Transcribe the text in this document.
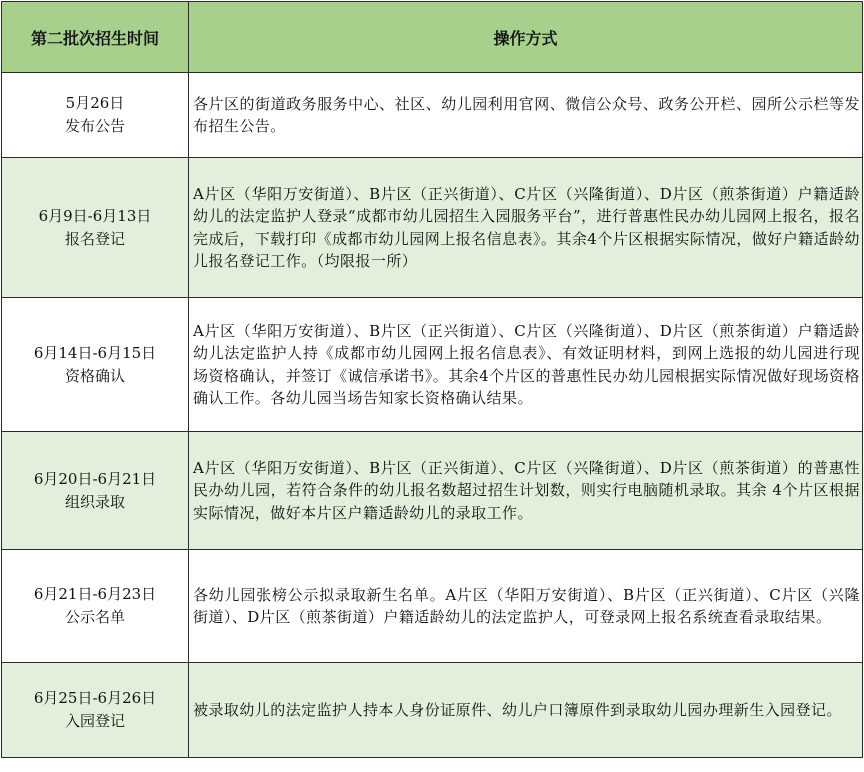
第二批次招生时间	操作方式

5月26日
发布公告	各片区的街道政务服务中心、社区、幼儿园利用官网、微信公众号、政务公开栏、园所公示栏等发布招生公告。

6月9日-6月13日
报名登记	A片区（华阳万安街道）、B片区（正兴街道）、C片区（兴隆街道）、D片区（煎茶街道）户籍适龄幼儿的法定监护人登录“成都市幼儿园招生入园服务平台”，进行普惠性民办幼儿园网上报名，报名完成后，下载打印《成都市幼儿园网上报名信息表》。其余4个片区根据实际情况，做好户籍适龄幼儿报名登记工作。（均限报一所）

6月14日-6月15日
资格确认	A片区（华阳万安街道）、B片区（正兴街道）、C片区（兴隆街道）、D片区（煎茶街道）户籍适龄幼儿法定监护人持《成都市幼儿园网上报名信息表》、有效证明材料，到网上选报的幼儿园进行现场资格确认，并签订《诚信承诺书》。其余4个片区的普惠性民办幼儿园根据实际情况做好现场资格确认工作。各幼儿园当场告知家长资格确认结果。

6月20日-6月21日
组织录取	A片区（华阳万安街道）、B片区（正兴街道）、C片区（兴隆街道）、D片区（煎茶街道）的普惠性民办幼儿园，若符合条件的幼儿报名数超过招生计划数，则实行电脑随机录取。其余 4个片区根据实际情况，做好本片区户籍适龄幼儿的录取工作。

6月21日-6月23日
公示名单	各幼儿园张榜公示拟录取新生名单。A片区（华阳万安街道）、B片区（正兴街道）、C片区（兴隆街道）、D片区（煎茶街道）户籍适龄幼儿的法定监护人，可登录网上报名系统查看录取结果。

6月25日-6月26日
入园登记	被录取幼儿的法定监护人持本人身份证原件、幼儿户口簿原件到录取幼儿园办理新生入园登记。
